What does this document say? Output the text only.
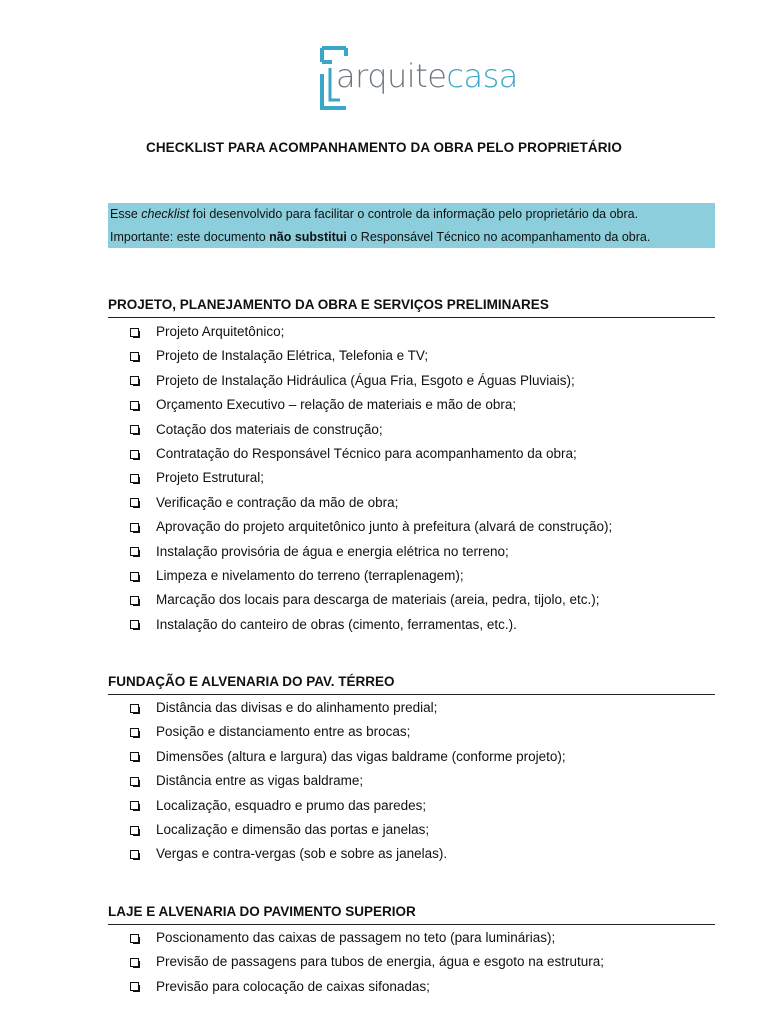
arquitecasa
CHECKLIST PARA ACOMPANHAMENTO DA OBRA PELO PROPRIETÁRIO
Esse checklist foi desenvolvido para facilitar o controle da informação pelo proprietário da obra.
Importante: este documento não substitui o Responsável Técnico no acompanhamento da obra.
PROJETO, PLANEJAMENTO DA OBRA E SERVIÇOS PRELIMINARES
Projeto Arquitetônico;
Projeto de Instalação Elétrica, Telefonia e TV;
Projeto de Instalação Hidráulica (Água Fria, Esgoto e Águas Pluviais);
Orçamento Executivo – relação de materiais e mão de obra;
Cotação dos materiais de construção;
Contratação do Responsável Técnico para acompanhamento da obra;
Projeto Estrutural;
Verificação e contração da mão de obra;
Aprovação do projeto arquitetônico junto à prefeitura (alvará de construção);
Instalação provisória de água e energia elétrica no terreno;
Limpeza e nivelamento do terreno (terraplenagem);
Marcação dos locais para descarga de materiais (areia, pedra, tijolo, etc.);
Instalação do canteiro de obras (cimento, ferramentas, etc.).
FUNDAÇÃO E ALVENARIA DO PAV. TÉRREO
Distância das divisas e do alinhamento predial;
Posição e distanciamento entre as brocas;
Dimensões (altura e largura) das vigas baldrame (conforme projeto);
Distância entre as vigas baldrame;
Localização, esquadro e prumo das paredes;
Localização e dimensão das portas e janelas;
Vergas e contra-vergas (sob e sobre as janelas).
LAJE E ALVENARIA DO PAVIMENTO SUPERIOR
Poscionamento das caixas de passagem no teto (para luminárias);
Previsão de passagens para tubos de energia, água e esgoto na estrutura;
Previsão para colocação de caixas sifonadas;
